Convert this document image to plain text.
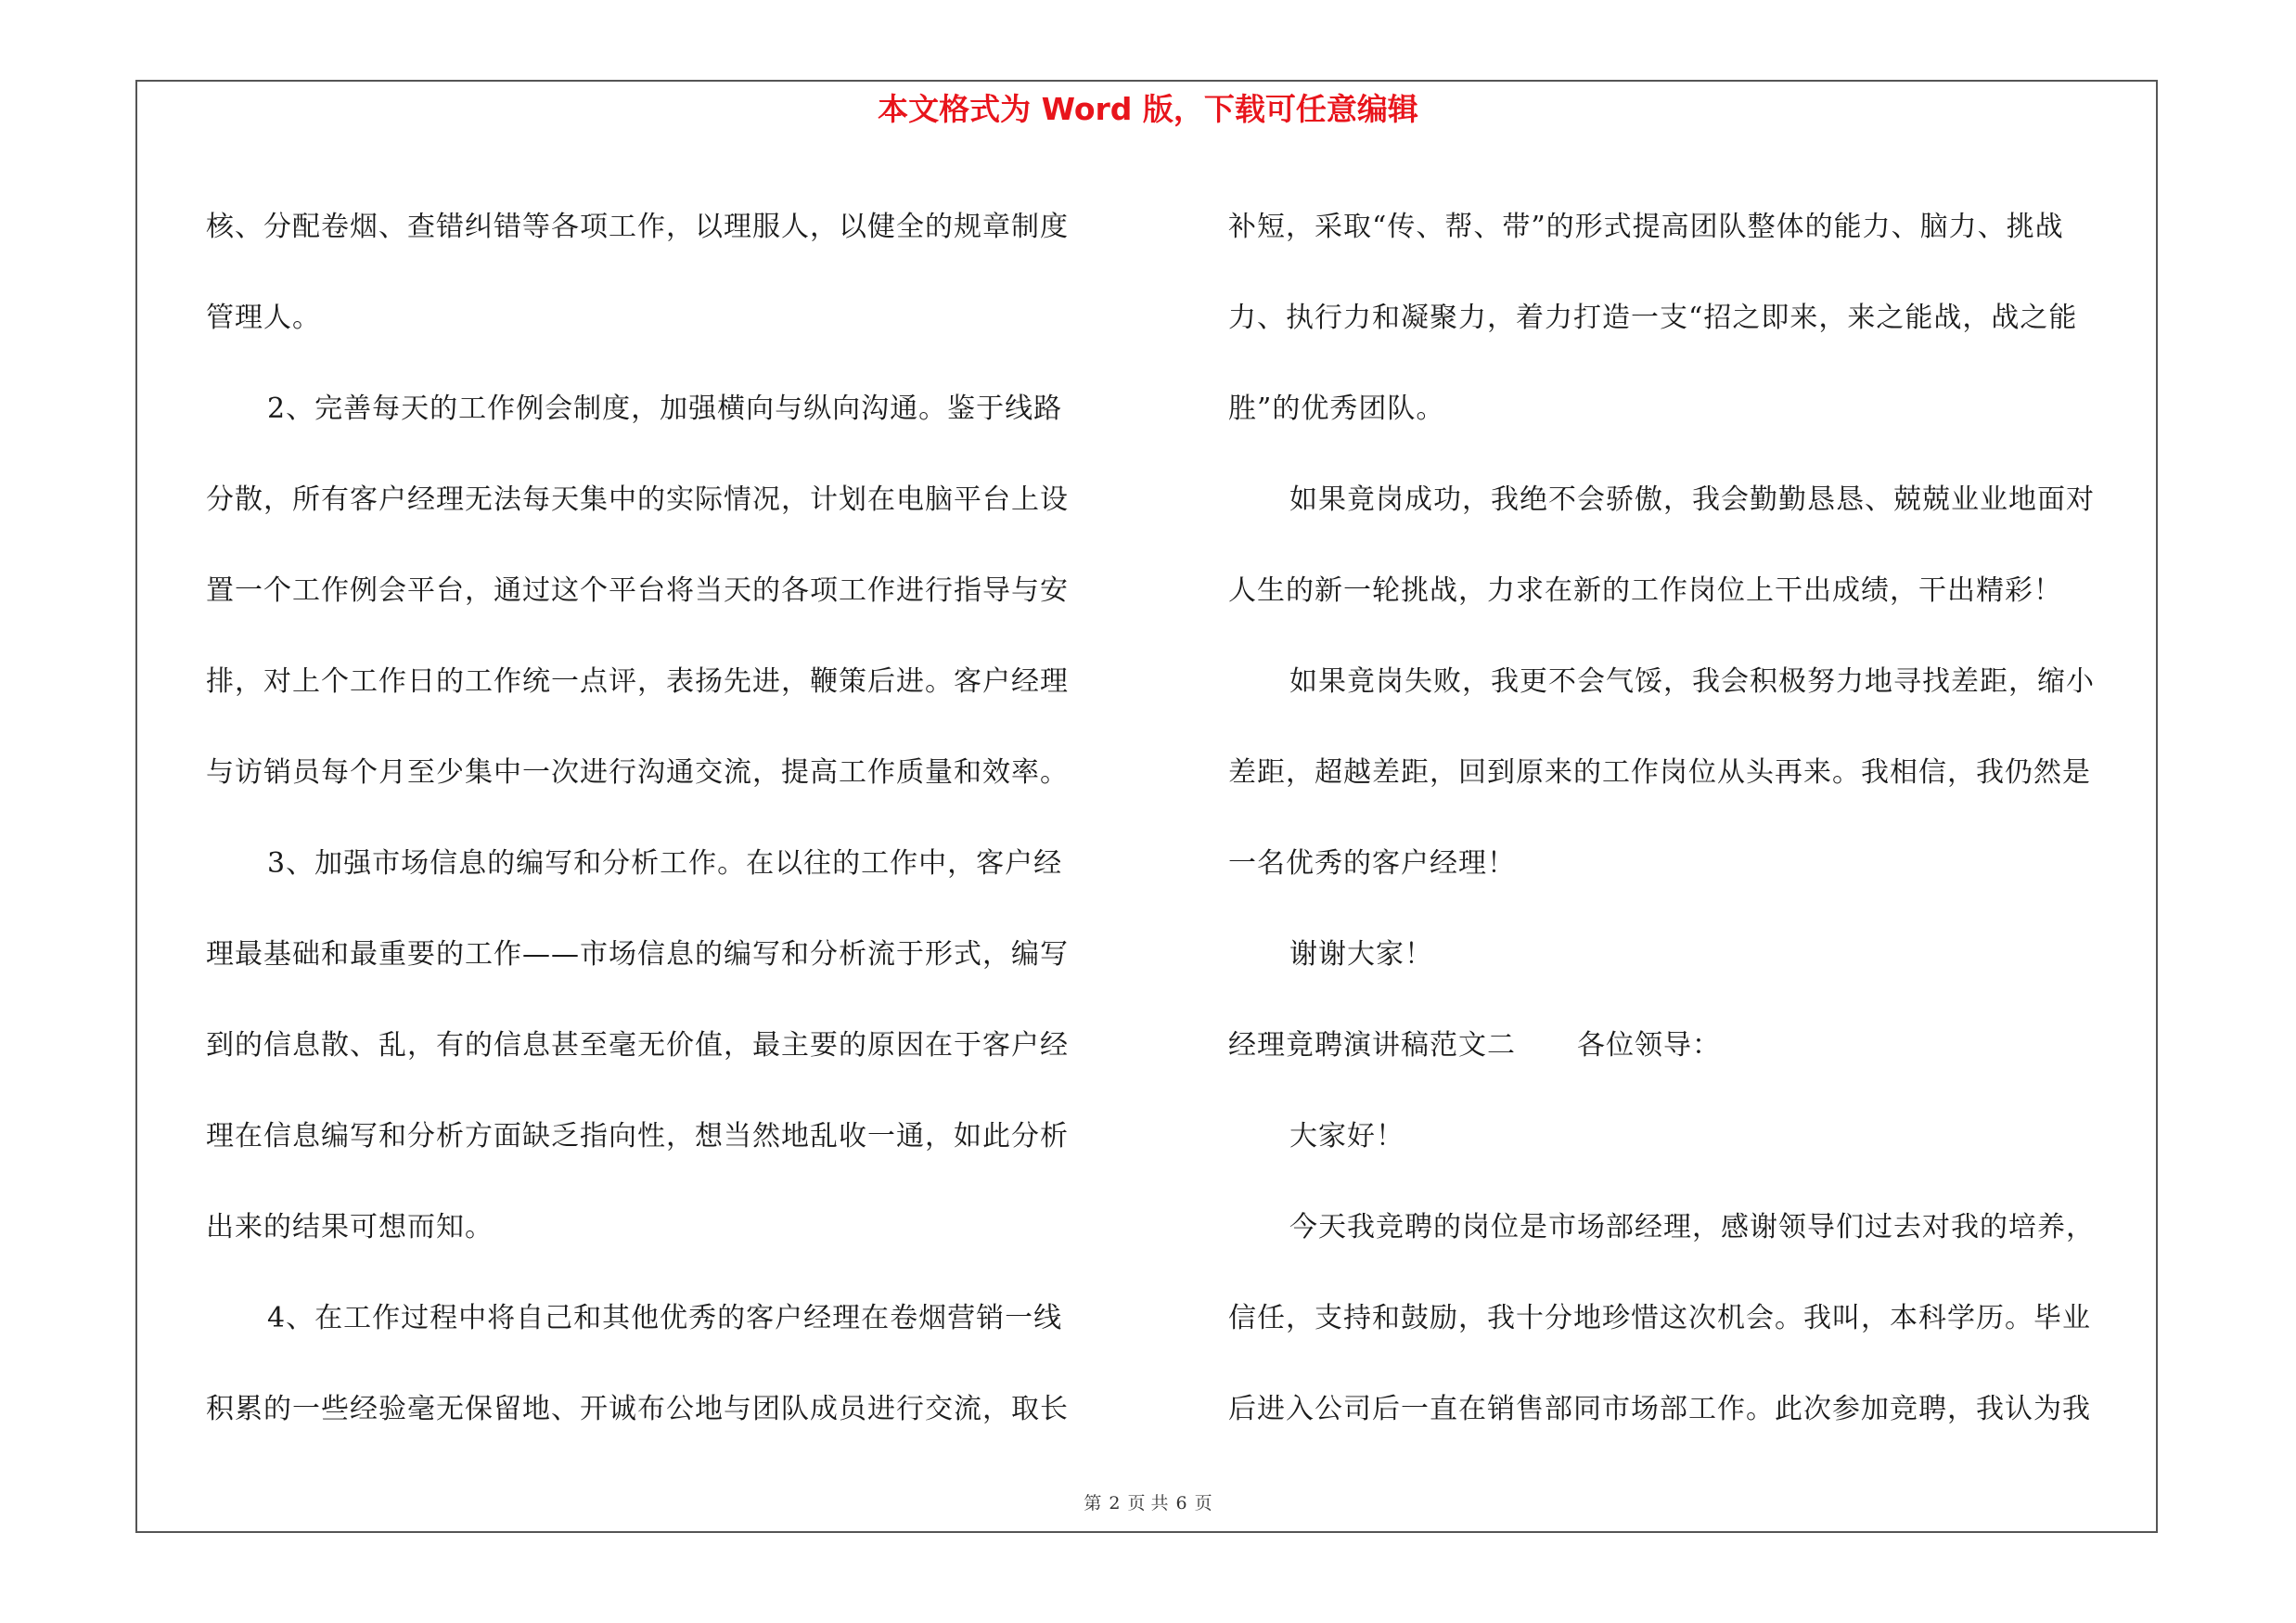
本文格式为 Word 版，下载可任意编辑

核、分配卷烟、查错纠错等各项工作，以理服人，以健全的规章制度

管理人。

2、完善每天的工作例会制度，加强横向与纵向沟通。鉴于线路

分散，所有客户经理无法每天集中的实际情况，计划在电脑平台上设

置一个工作例会平台，通过这个平台将当天的各项工作进行指导与安

排，对上个工作日的工作统一点评，表扬先进，鞭策后进。客户经理

与访销员每个月至少集中一次进行沟通交流，提高工作质量和效率。

3、加强市场信息的编写和分析工作。在以往的工作中，客户经

理最基础和最重要的工作——市场信息的编写和分析流于形式，编写

到的信息散、乱，有的信息甚至毫无价值，最主要的原因在于客户经

理在信息编写和分析方面缺乏指向性，想当然地乱收一通，如此分析

出来的结果可想而知。

4、在工作过程中将自己和其他优秀的客户经理在卷烟营销一线

积累的一些经验毫无保留地、开诚布公地与团队成员进行交流，取长

补短，采取“传、帮、带”的形式提高团队整体的能力、脑力、挑战

力、执行力和凝聚力，着力打造一支“招之即来，来之能战，战之能

胜”的优秀团队。

如果竟岗成功，我绝不会骄傲，我会勤勤恳恳、兢兢业业地面对

人生的新一轮挑战，力求在新的工作岗位上干出成绩，干出精彩！

如果竟岗失败，我更不会气馁，我会积极努力地寻找差距，缩小

差距，超越差距，回到原来的工作岗位从头再来。我相信，我仍然是

一名优秀的客户经理！

谢谢大家！

经理竟聘演讲稿范文二 各位领导：

大家好！

今天我竞聘的岗位是市场部经理，感谢领导们过去对我的培养，

信任，支持和鼓励，我十分地珍惜这次机会。我叫，本科学历。毕业

后进入公司后一直在销售部同市场部工作。此次参加竞聘，我认为我

第 2 页 共 6 页
